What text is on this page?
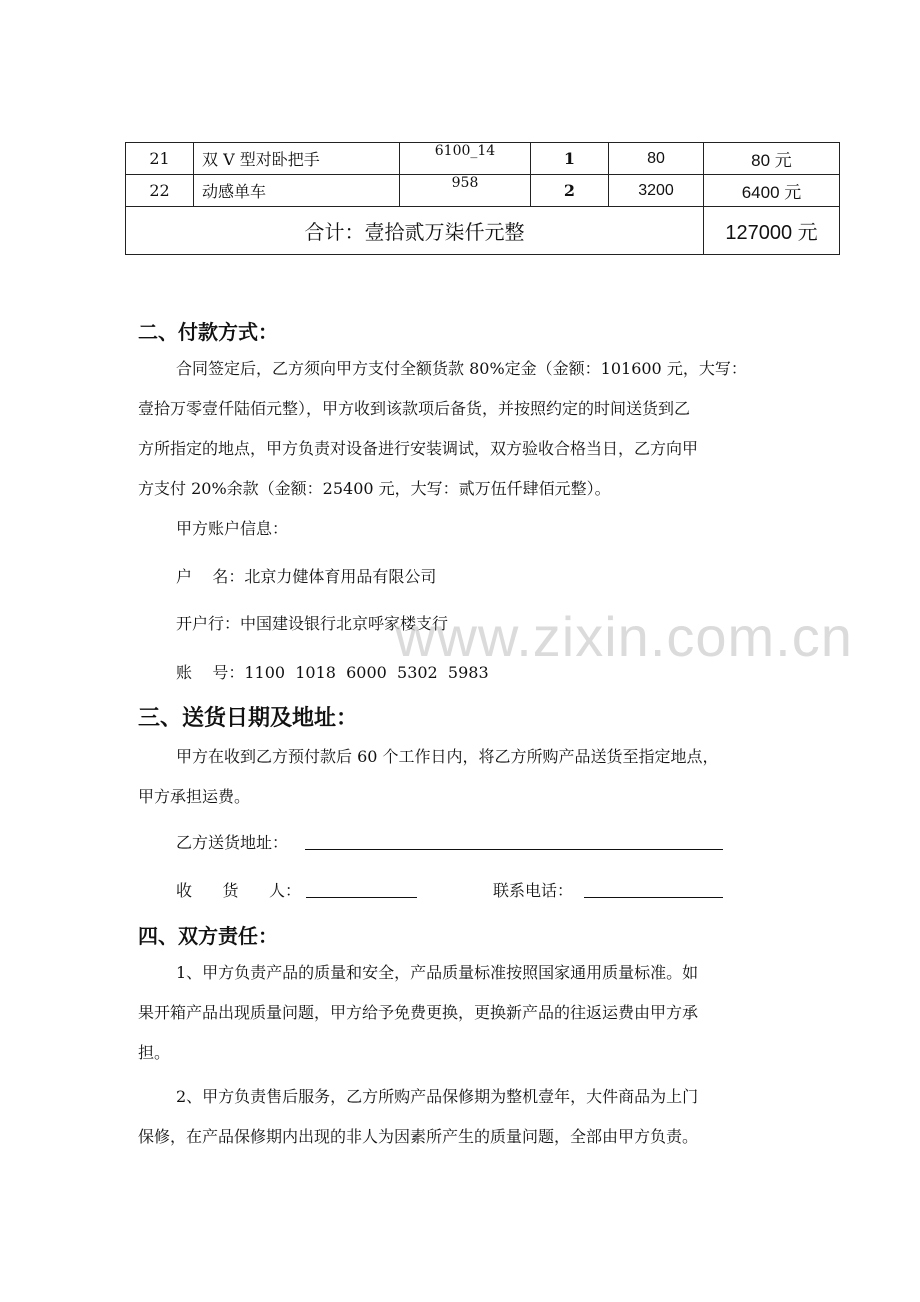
21	双 V 型对卧把手	6100_14	1	80	80 元
22	动感单车	958	2	3200	6400 元
合计：壹拾贰万柒仟元整					127000 元
二、付款方式：
合同签定后，乙方须向甲方支付全额货款 80%定金（金额：101600 元，大写：
壹拾万零壹仟陆佰元整），甲方收到该款项后备货，并按照约定的时间送货到乙
方所指定的地点，甲方负责对设备进行安装调试，双方验收合格当日，乙方向甲
方支付 20%余款（金额：25400 元，大写：贰万伍仟肆佰元整）。
甲方账户信息：
户    名：北京力健体育用品有限公司
开户行：中国建设银行北京呼家楼支行
账    号：1100  1018  6000  5302  5983
三、送货日期及地址：
甲方在收到乙方预付款后 60 个工作日内，将乙方所购产品送货至指定地点，
甲方承担运费。
乙方送货地址：
收      货      人：	联系电话：
四、双方责任：
1、甲方负责产品的质量和安全，产品质量标准按照国家通用质量标准。如
果开箱产品出现质量问题，甲方给予免费更换，更换新产品的往返运费由甲方承
担。
2、甲方负责售后服务，乙方所购产品保修期为整机壹年，大件商品为上门
保修，在产品保修期内出现的非人为因素所产生的质量问题，全部由甲方负责。
www.zixin.com.cn
